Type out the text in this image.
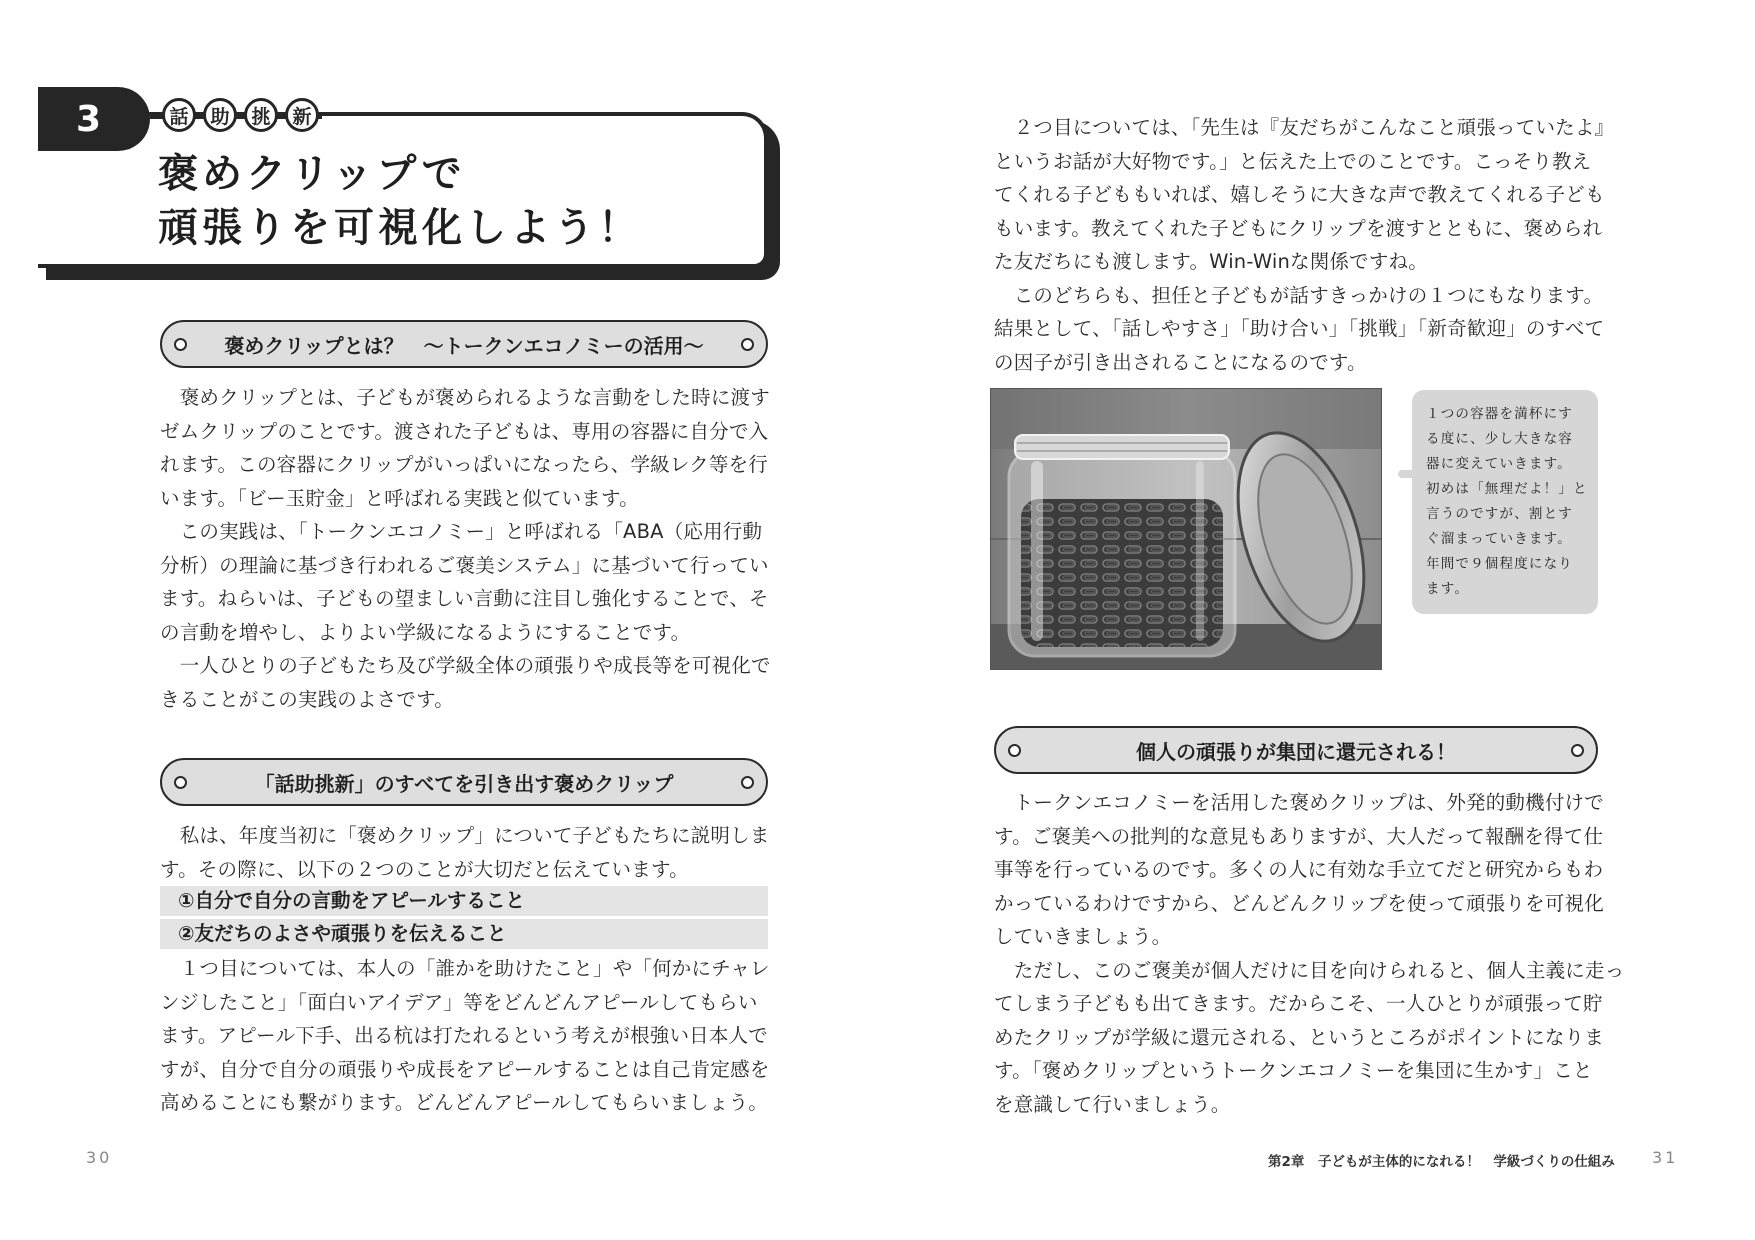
3	話	助	挑	新
褒めクリップで
頑張りを可視化しよう！
褒めクリップとは？　～トークンエコノミーの活用～
　褒めクリップとは、子どもが褒められるような言動をした時に渡す
ゼムクリップのことです。渡された子どもは、専用の容器に自分で入
れます。この容器にクリップがいっぱいになったら、学級レク等を行
います。「ビー玉貯金」と呼ばれる実践と似ています。
　この実践は、「トークンエコノミー」と呼ばれる「ABA（応用行動
分析）の理論に基づき行われるご褒美システム」に基づいて行ってい
ます。ねらいは、子どもの望ましい言動に注目し強化することで、そ
の言動を増やし、よりよい学級になるようにすることです。
　一人ひとりの子どもたち及び学級全体の頑張りや成長等を可視化で
きることがこの実践のよさです。
「話助挑新」のすべてを引き出す褒めクリップ
　私は、年度当初に「褒めクリップ」について子どもたちに説明しま
す。その際に、以下の２つのことが大切だと伝えています。
①自分で自分の言動をアピールすること
②友だちのよさや頑張りを伝えること
　１つ目については、本人の「誰かを助けたこと」や「何かにチャレ
ンジしたこと」「面白いアイデア」等をどんどんアピールしてもらい
ます。アピール下手、出る杭は打たれるという考えが根強い日本人で
すが、自分で自分の頑張りや成長をアピールすることは自己肯定感を
高めることにも繋がります。どんどんアピールしてもらいましょう。
30
　２つ目については、「先生は『友だちがこんなこと頑張っていたよ』
というお話が大好物です。」と伝えた上でのことです。こっそり教え
てくれる子どももいれば、嬉しそうに大きな声で教えてくれる子ども
もいます。教えてくれた子どもにクリップを渡すとともに、褒められ
た友だちにも渡します。Win-Winな関係ですね。
　このどちらも、担任と子どもが話すきっかけの１つにもなります。
結果として、「話しやすさ」「助け合い」「挑戦」「新奇歓迎」のすべて
の因子が引き出されることになるのです。
１つの容器を満杯にす
る度に、少し大きな容
器に変えていきます。
初めは「無理だよ！」と
言うのですが、割とす
ぐ溜まっていきます。
年間で９個程度になり
ます。
個人の頑張りが集団に還元される！
　トークンエコノミーを活用した褒めクリップは、外発的動機付けで
す。ご褒美への批判的な意見もありますが、大人だって報酬を得て仕
事等を行っているのです。多くの人に有効な手立てだと研究からもわ
かっているわけですから、どんどんクリップを使って頑張りを可視化
していきましょう。
　ただし、このご褒美が個人だけに目を向けられると、個人主義に走っ
てしまう子どもも出てきます。だからこそ、一人ひとりが頑張って貯
めたクリップが学級に還元される、というところがポイントになりま
す。「褒めクリップというトークンエコノミーを集団に生かす」こと
を意識して行いましょう。
第2章　子どもが主体的になれる！　学級づくりの仕組み 31
